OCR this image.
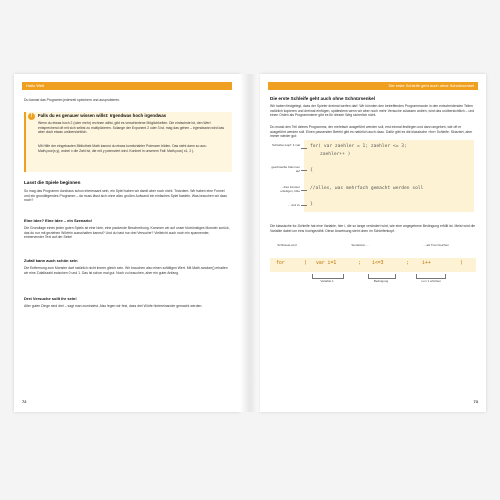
Hallo Welt
Du kannst das Programm jederzeit speichern und ausprobieren.
!	Falls du es genauer wissen willst: Irgendwas hoch irgendwas
Wenn du etwas hoch 2 (oder mehr) rechnen willst, gibt es verschiedene Möglichkeiten. Die einfachste ist, den Wert entsprechend oft mit sich selbst zu multiplizieren. Solange der Exponent 2 oder 3 ist, mag das gehen – irgendwann wird das aber doch etwas unübersichtlich.
Mit Hilfe der eingebauten Bibliothek Math kannst du etwas komfortabler Potenzen bilden. Das sieht dann so aus: Math.pow(x,y), wobei x die Zahl ist, die mit y potenziert wird. Konkret in unserem Fall: Math.pow( x1, 2 ).
Lasst die Spiele beginnen
So mag das Programm durchaus schon interessant sein, ein Spiel haben wir damit aber noch nicht. Trotzdem. Wir haben eine Formel und ein grundlegendes Programm – da muss lässt sich ohne allzu großen Aufwand ein einfaches Spiel basteln. Was brauchen wir dazu noch?
Eine Idee? Eine Idee – ein Szenario!
Die Grundlage eines jeden guten Spiels ist eine Idee, eine packende Beschreibung. Kommen wir auf unser blutrünstiges Monster zurück, das du nur mit geziehen Würfeln ausschalten kannst? Und du hast nur drei Versuche? Vielleicht auch noch ein spannender, entnervender Text auf der Seite!
Zufall kann auch schön sein
Die Entfernung zum Monster darf natürlich nicht immer gleich sein. Wir brauchen also einen zufälligen Wert. Mit Math.random() erhalten wir eine Zufallszahl zwischen 0 und 1. Das ist schon mal gut. Noch zu brauchen, aber ein guter Anfang.
Drei Versuche sollt ihr sein!
Aller guten Dinge sind drei – sagt man zumindest. Also legen wir fest, dass drei Würfe hintereinander gemacht werden.
72
Die erste Schleife geht auch ohne Schnürsenkel
Die erste Schleife geht auch ohne Schnürsenkel
Wir haben festgelegt, dass der Spieler dreimal werfen darf. Wir könnten den betreffenden Programmcode in den entscheidenden Teilen natürlich kopieren und dreimal einfügen, spätestens wenn wir aber noch mehr Versuche zulassen wollen, wird das unübersichtlich – und einen Orden als Programmierer gibt es für diesen Weg sicherlich nicht.
Du musst den Teil deines Programms, der mehrfach ausgeführt werden soll, erst einmal festlegen und dann angeben, wie oft er ausgeführt werden soll. Einen passenden Befehl gibt es natürlich auch dazu. Dafür gibt es die klassische »for« Schleife. Skizziert, aber immer wieder gut:
for( var zaehler = 1; zaehler <= 3;
zaehler++ )
{
//alles, was mehrfach gemacht werden soll
}
Schleifen-kopf: 3 mal
geschweifte Klammer auf
... dies Fenster erledigen, bitte
... und zu
Die klassische for-Schleife hat eine Variable, hier i, die so lange verändert wird, wie eine angegebene Bedingung erfüllt ist. Meist wird die Variable dabei um eins hochgezählt. Diese Anweisung steht oben im Schleifenkopf.
Schlüssel-wort	Semikolon ...	... als Trennzeichen
for	( var i=1	; i<=3	;	i++	)
Variable 1	Bedingung	i um 1 erhöhen
73
